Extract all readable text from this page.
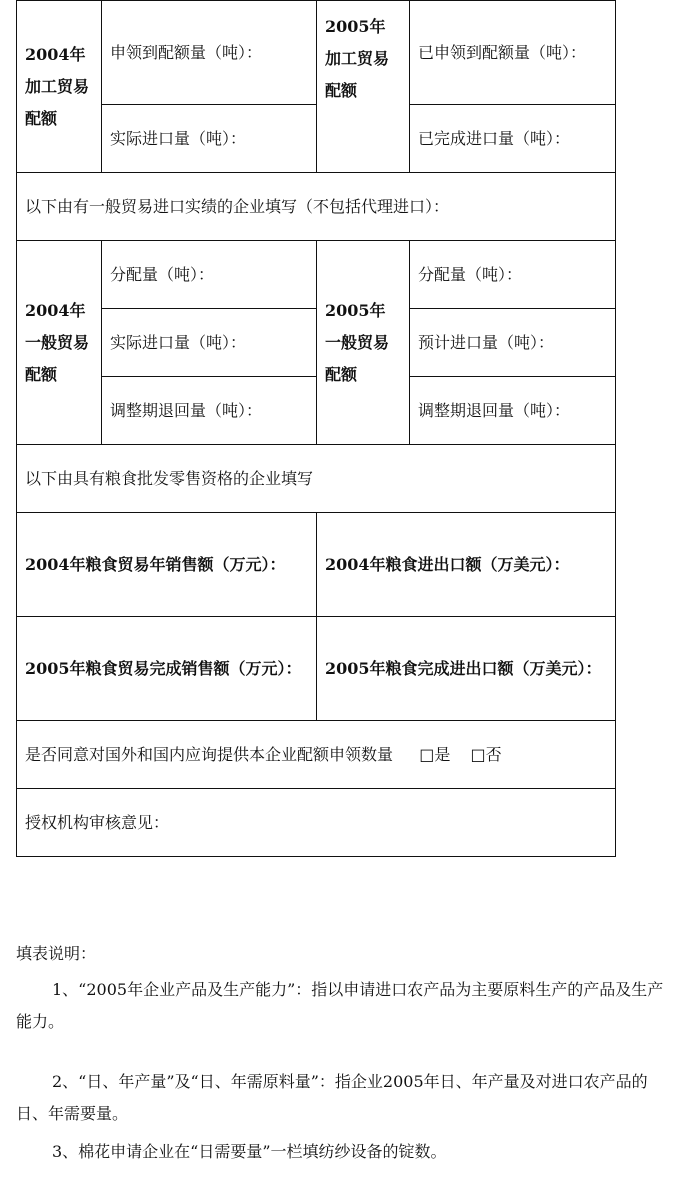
2004年加工贸易配额	申领到配额量（吨）：	2005年加工贸易配额	已申领到配额量（吨）：
	实际进口量（吨）：		已完成进口量（吨）：
以下由有一般贸易进口实绩的企业填写（不包括代理进口）：			
2004年一般贸易配额	分配量（吨）：	2005年一般贸易配额	分配量（吨）：
	实际进口量（吨）：		预计进口量（吨）：
	调整期退回量（吨）：		调整期退回量（吨）：
以下由具有粮食批发零售资格的企业填写			
2004年粮食贸易年销售额（万元）：		2004年粮食进出口额（万美元）：	
2005年粮食贸易完成销售额（万元）：		2005年粮食完成进出口额（万美元）：	
是否同意对国外和国内应询提供本企业配额申领数量 □是 □否			
授权机构审核意见：			
填表说明：
1、“2005年企业产品及生产能力”：指以申请进口农产品为主要原料生产的产品及生产能力。
2、“日、年产量”及“日、年需原料量”：指企业2005年日、年产量及对进口农产品的日、年需要量。
3、棉花申请企业在“日需要量”一栏填纺纱设备的锭数。
